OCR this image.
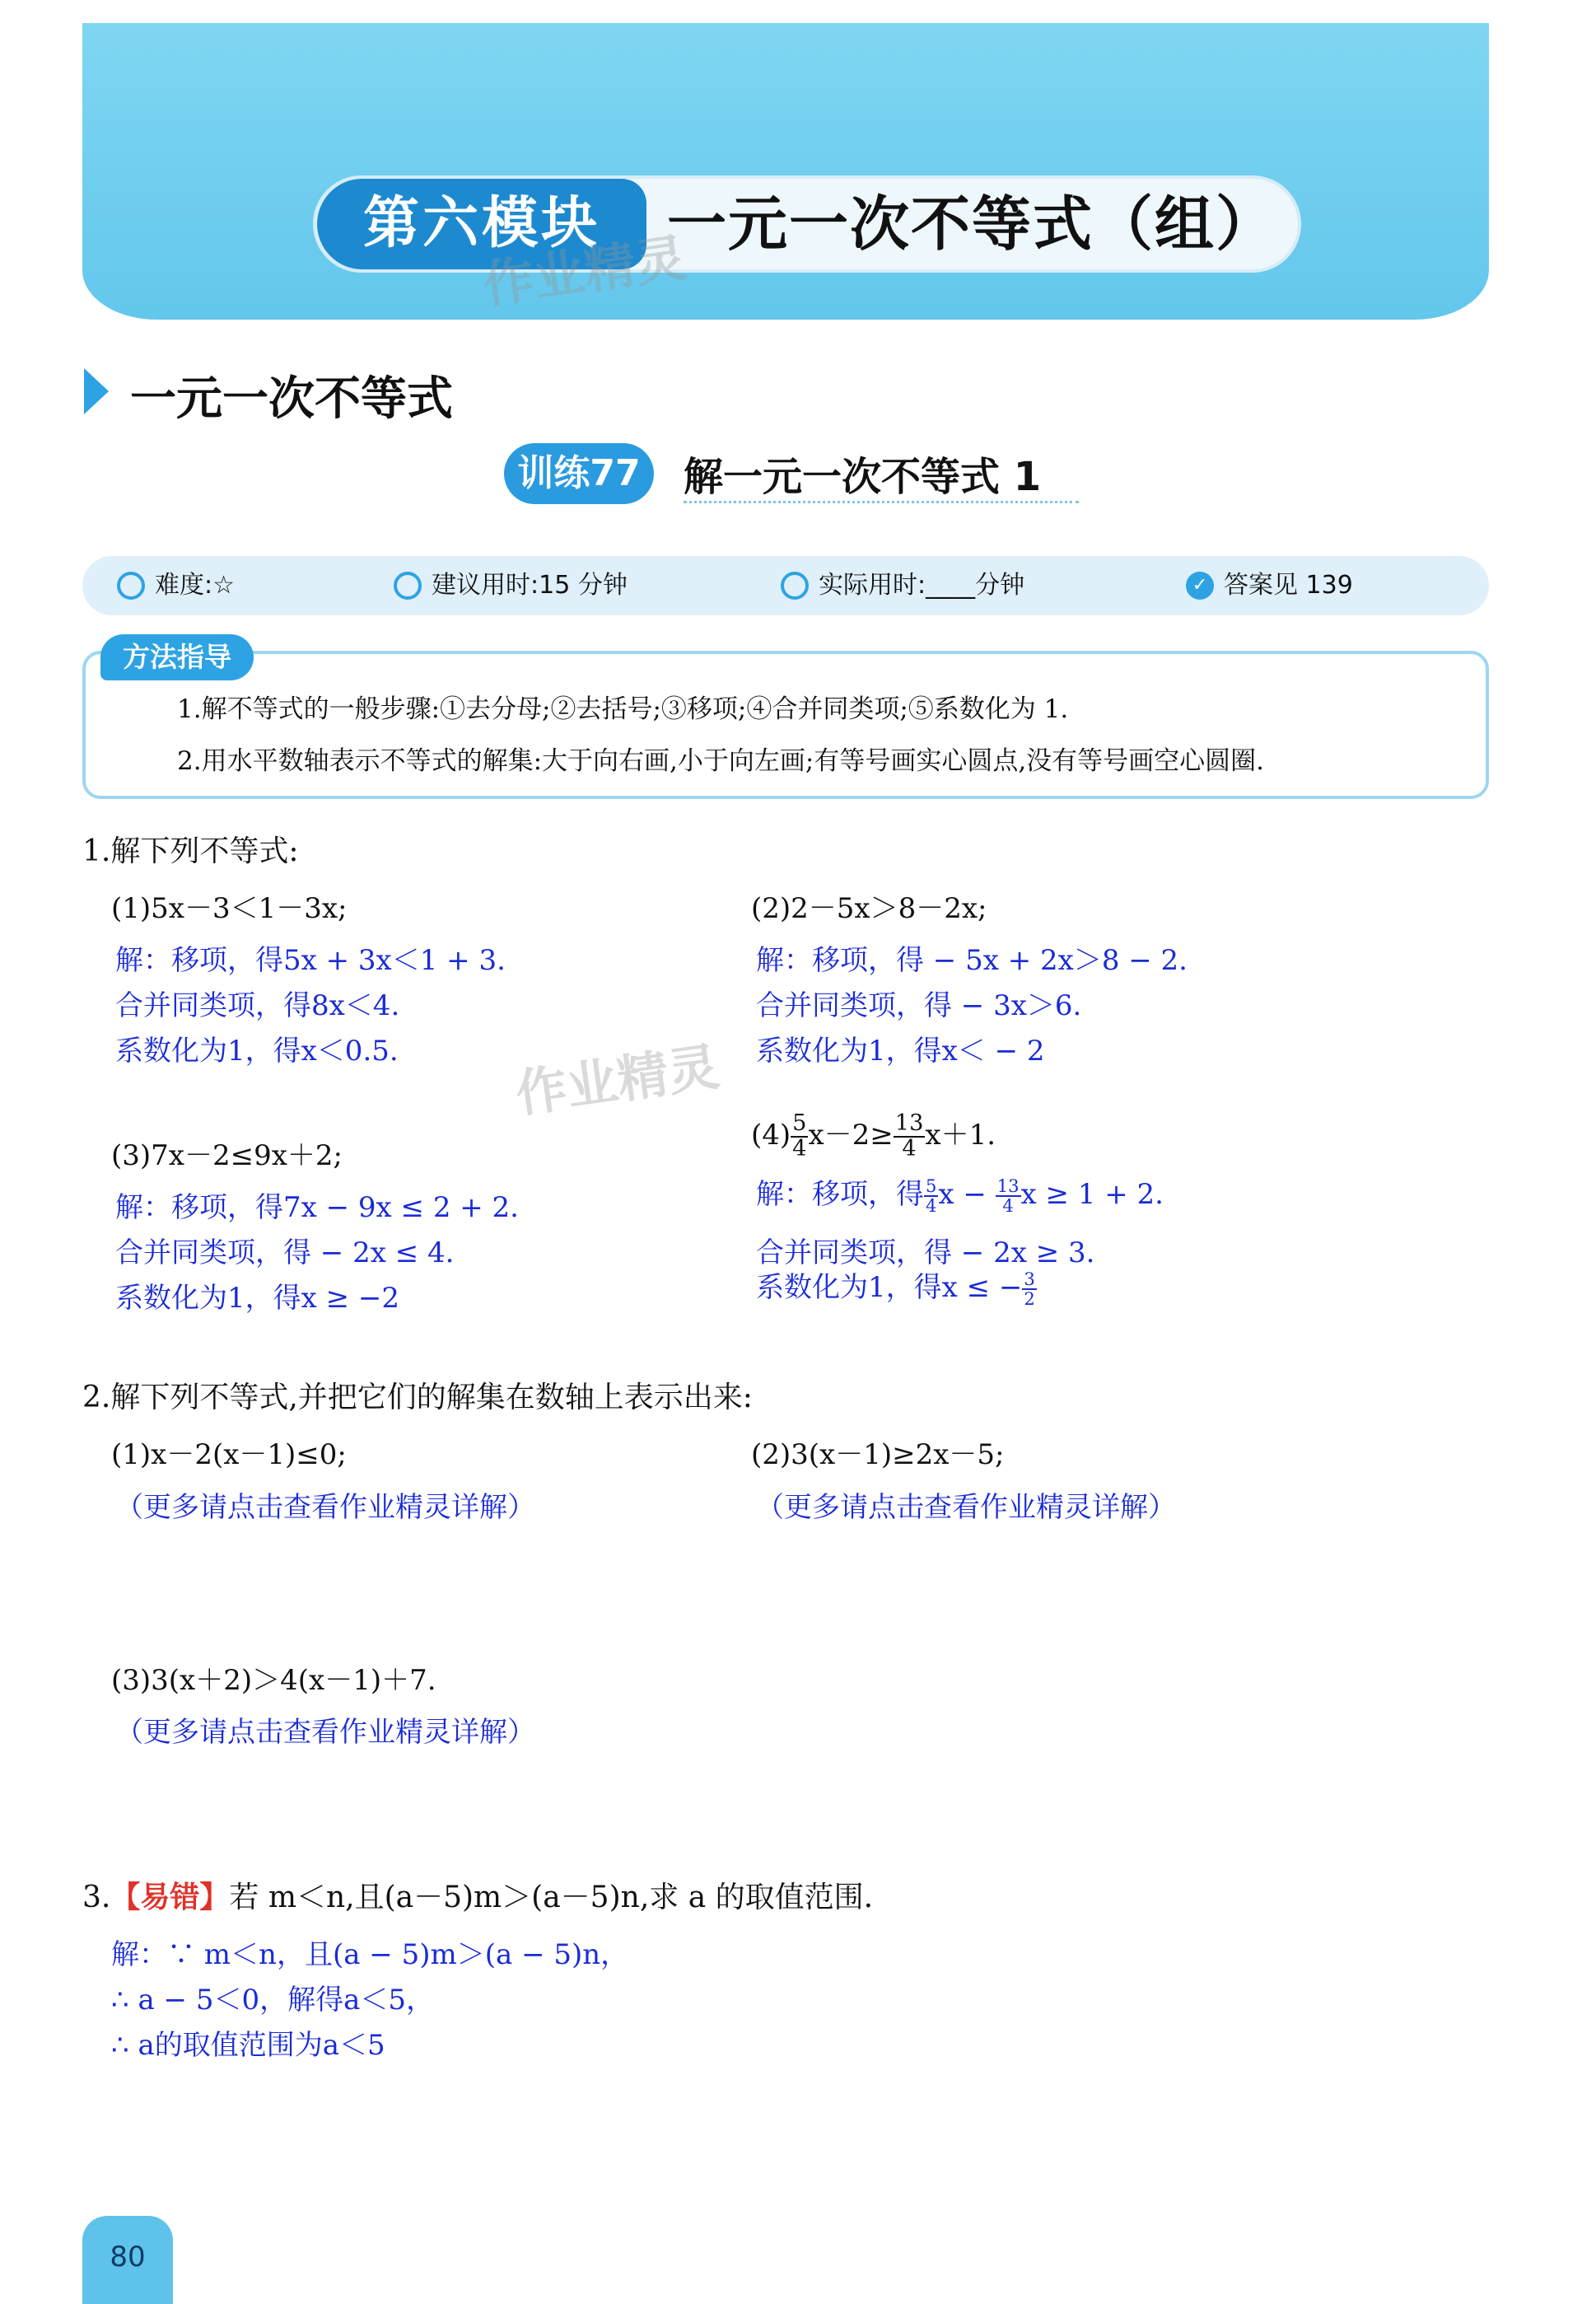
第六模块	一元一次不等式（组）
作业精灵
一元一次不等式
训练77	解一元一次不等式 1
难度:☆	建议用时:15 分钟	实际用时:____分钟	✓ 答案见 139
方法指导
1.解不等式的一般步骤:①去分母;②去括号;③移项;④合并同类项;⑤系数化为 1.
2.用水平数轴表示不等式的解集:大于向右画,小于向左画;有等号画实心圆点,没有等号画空心圆圈.
1.解下列不等式:
(1)5x－3＜1－3x;
解：移项，得5x + 3x＜1 + 3.
合并同类项，得8x＜4.
系数化为1，得x＜0.5.
(2)2－5x＞8－2x;
解：移项，得 − 5x + 2x＞8 − 2.
合并同类项，得 − 3x＞6.
系数化为1，得x＜ − 2
作业精灵
(3)7x－2≤9x＋2;
解：移项，得7x − 9x ≤ 2 + 2.
合并同类项，得 − 2x ≤ 4.
系数化为1，得x ≥ −2
$(4) \frac{5}{4} x-2\ge \frac{13}{4} x+1$.
解：移项，得 $\frac{5}{4}$ $x - \frac{13}{4}$ x ≥ 1 + 2.
合并同类项，得 − 2x ≥ 3.
系数化为1，得x ≤ − $\frac{3}{2}$
2.解下列不等式,并把它们的解集在数轴上表示出来:
(1)x－2(x－1)≤0;
（更多请点击查看作业精灵详解）
(2)3(x－1)≥2x－5;
（更多请点击查看作业精灵详解）
(3)3(x＋2)＞4(x－1)＋7.
（更多请点击查看作业精灵详解）
3.【易错】若 m＜n,且(a－5)m＞(a－5)n,求 a 的取值范围.
解：∵ m＜n，且(a − 5)m＞(a − 5)n，
∴ a − 5＜0，解得a＜5，
∴ a的取值范围为a＜5
80
